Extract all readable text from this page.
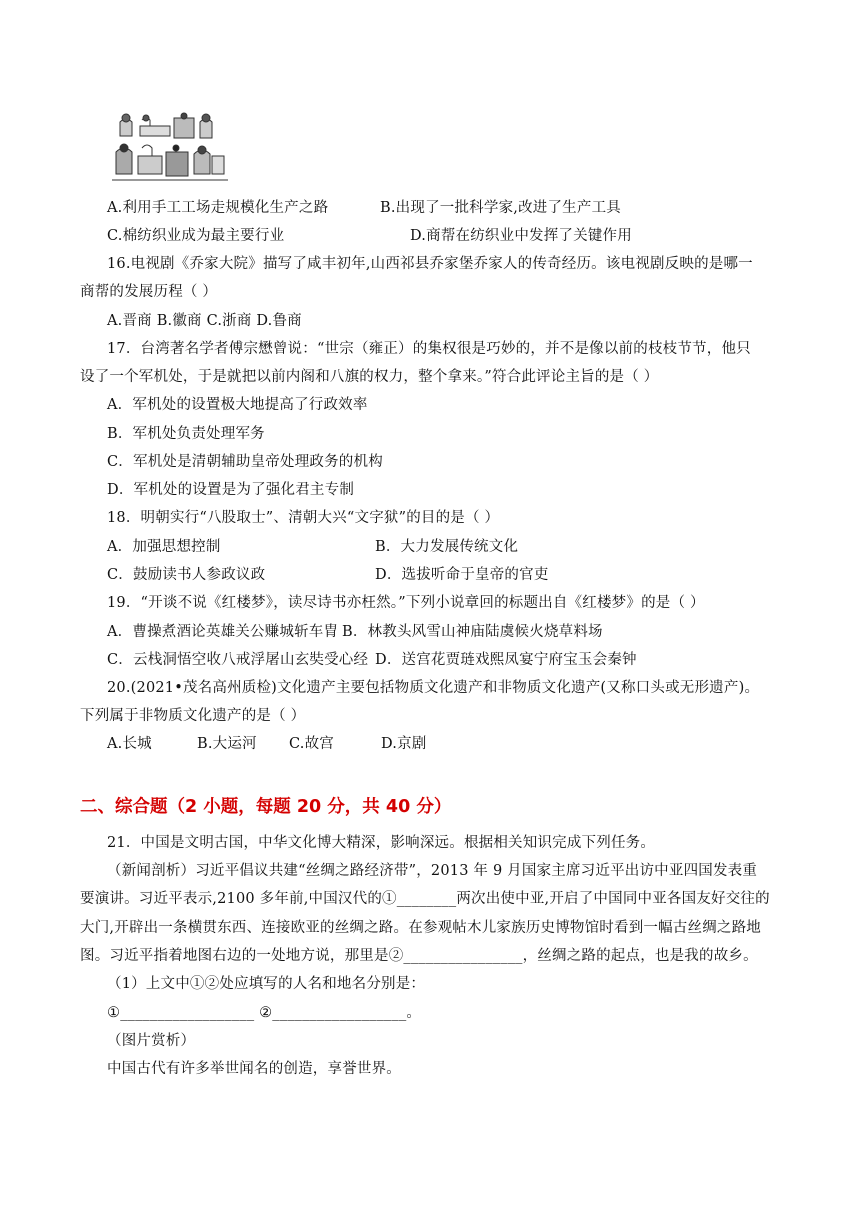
A.利用手工工场走规模化生产之路	B.出现了一批科学家,改进了生产工具
C.棉纺织业成为最主要行业	D.商帮在纺织业中发挥了关键作用
16.电视剧《乔家大院》描写了咸丰初年,山西祁县乔家堡乔家人的传奇经历。该电视剧反映的是哪一
商帮的发展历程（ ）
A.晋商 B.徽商 C.浙商 D.鲁商
17．台湾著名学者傅宗懋曾说：“世宗（雍正）的集权很是巧妙的，并不是像以前的枝枝节节，他只
设了一个军机处，于是就把以前内阁和八旗的权力，整个拿来。”符合此评论主旨的是（ ）
A．军机处的设置极大地提高了行政效率
B．军机处负责处理军务
C．军机处是清朝辅助皇帝处理政务的机构
D．军机处的设置是为了强化君主专制
18．明朝实行“八股取士”、清朝大兴“文字狱”的目的是（ ）
A．加强思想控制	B．大力发展传统文化
C．鼓励读书人参政议政	D．选拔听命于皇帝的官吏
19．“开谈不说《红楼梦》，读尽诗书亦枉然。”下列小说章回的标题出自《红楼梦》的是（ ）
A．曹操煮酒论英雄关公赚城斩车胄 B．林教头风雪山神庙陆虞候火烧草料场
C．云栈洞悟空收八戒浮屠山玄奘受心经 D．送宫花贾琏戏熙凤宴宁府宝玉会秦钟
20.(2021•茂名高州质检)文化遗产主要包括物质文化遗产和非物质文化遗产(又称口头或无形遗产)。
下列属于非物质文化遗产的是（ ）
A.长城	B.大运河 C.故宫	D.京剧
二、综合题（2 小题，每题 20 分，共 40 分）
21．中国是文明古国，中华文化博大精深，影响深远。根据相关知识完成下列任务。
（新闻剖析）习近平倡议共建“丝绸之路经济带”，2013 年 9 月国家主席习近平出访中亚四国发表重
要演讲。习近平表示,2100 多年前,中国汉代的①________两次出使中亚,开启了中国同中亚各国友好交往的
大门,开辟出一条横贯东西、连接欧亚的丝绸之路。在参观帖木儿家族历史博物馆时看到一幅古丝绸之路地
图。习近平指着地图右边的一处地方说，那里是②________________，丝绸之路的起点，也是我的故乡。
（1）上文中①②处应填写的人名和地名分别是：
①__________________ ②__________________。
（图片赏析）
中国古代有许多举世闻名的创造，享誉世界。
